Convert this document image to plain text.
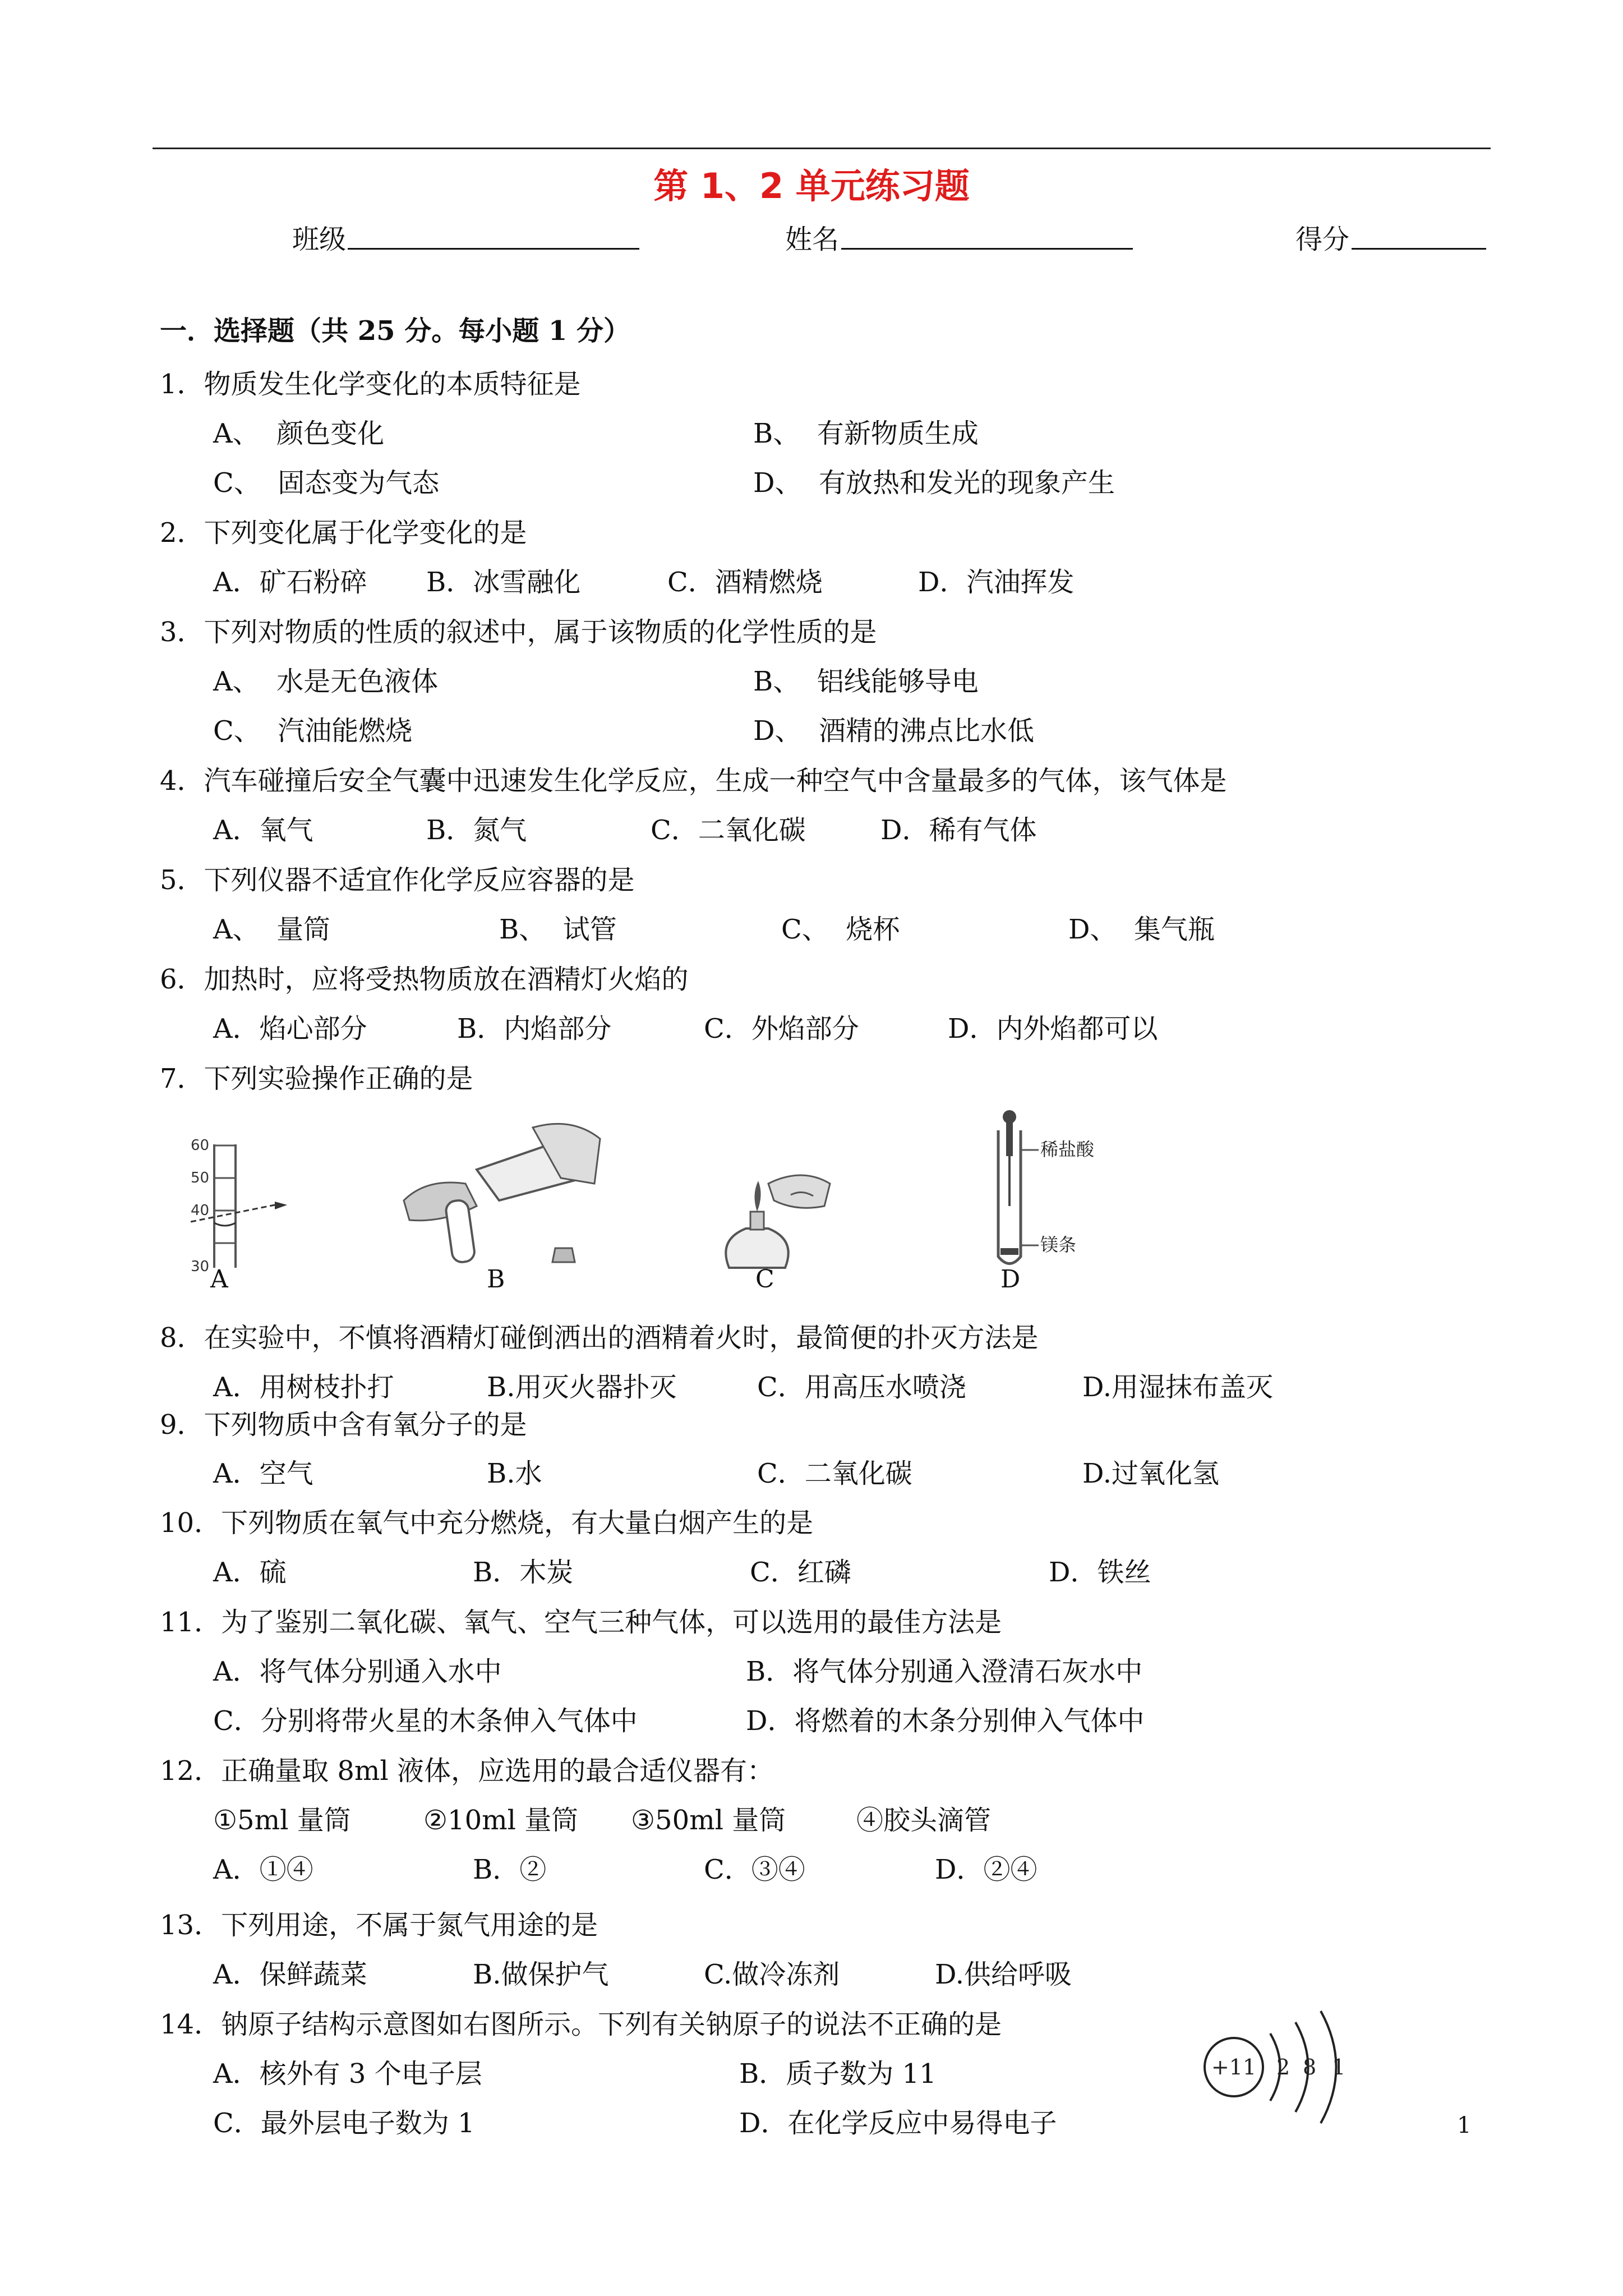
第 1、2 单元练习题
班级	姓名	得分
一．选择题（共 25 分。每小题 1 分）
1．物质发生化学变化的本质特征是
A、  颜色变化	B、  有新物质生成
C、  固态变为气态	D、  有放热和发光的现象产生
2．下列变化属于化学变化的是
A．矿石粉碎 B．冰雪融化	C．酒精燃烧	D．汽油挥发
3．下列对物质的性质的叙述中，属于该物质的化学性质的是
A、  水是无色液体	B、  铝线能够导电
C、  汽油能燃烧	D、  酒精的沸点比水低
4．汽车碰撞后安全气囊中迅速发生化学反应，生成一种空气中含量最多的气体，该气体是
A．氧气	B．氮气	C．二氧化碳	D．稀有气体
5．下列仪器不适宜作化学反应容器的是
A、  量筒	B、  试管	C、  烧杯	D、  集气瓶
6．加热时，应将受热物质放在酒精灯火焰的
A．焰心部分	B．内焰部分	C．外焰部分	D．内外焰都可以
7．下列实验操作正确的是
60
50
40
30 A	B	C
稀盐酸
镁条
D
8．在实验中，不慎将酒精灯碰倒洒出的酒精着火时，最简便的扑灭方法是
A．用树枝扑打	B.用灭火器扑灭	C．用高压水喷浇	D.用湿抹布盖灭
9．下列物质中含有氧分子的是
A．空气	B.水	C．二氧化碳	D.过氧化氢
10．下列物质在氧气中充分燃烧，有大量白烟产生的是
A．硫	B．木炭	C．红磷	D．铁丝
11．为了鉴别二氧化碳、氧气、空气三种气体，可以选用的最佳方法是
A．将气体分别通入水中	B．将气体分别通入澄清石灰水中
C．分别将带火星的木条伸入气体中	D．将燃着的木条分别伸入气体中
12．正确量取 8ml 液体，应选用的最合适仪器有：
①5ml 量筒	②10ml 量筒 ③50ml 量筒	④胶头滴管
A．①④	B．②	C．③④	D．②④
13．下列用途，不属于氮气用途的是
A．保鲜蔬菜	B.做保护气	C.做冷冻剂	D.供给呼吸
14．钠原子结构示意图如右图所示。下列有关钠原子的说法不正确的是
A．核外有 3 个电子层	B．质子数为 11
C．最外层电子数为 1	D．在化学反应中易得电子
+11 2 8 1
1
